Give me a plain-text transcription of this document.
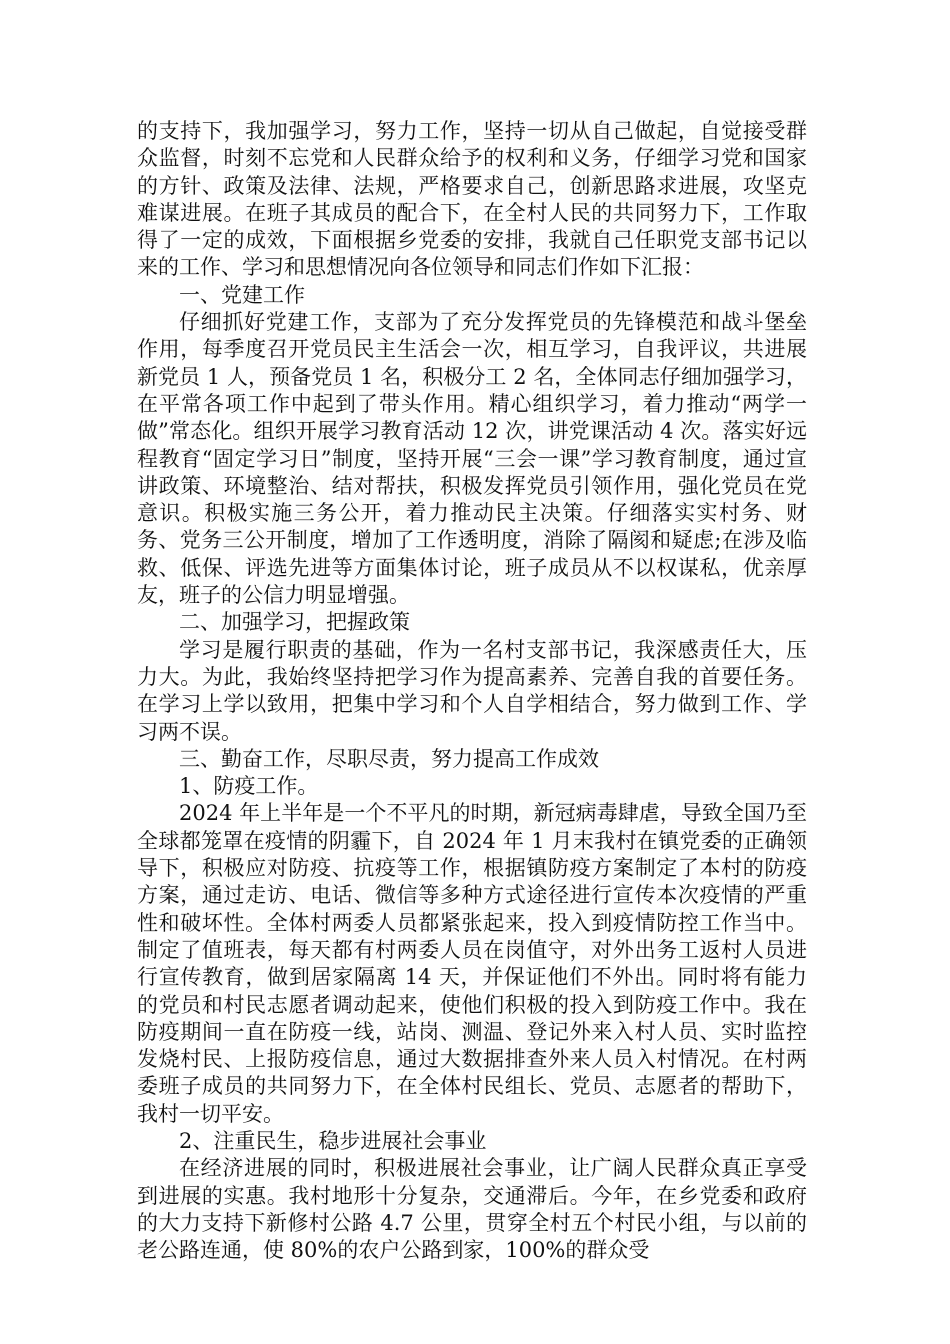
的支持下，我加强学习，努力工作，坚持一切从自己做起，自觉接受群众监督，时刻不忘党和人民群众给予的权利和义务，仔细学习党和国家的方针、政策及法律、法规，严格要求自己，创新思路求进展，攻坚克难谋进展。在班子其成员的配合下，在全村人民的共同努力下，工作取得了一定的成效，下面根据乡党委的安排，我就自己任职党支部书记以来的工作、学习和思想情况向各位领导和同志们作如下汇报：

一、党建工作

仔细抓好党建工作，支部为了充分发挥党员的先锋模范和战斗堡垒作用，每季度召开党员民主生活会一次，相互学习，自我评议，共进展新党员 1 人，预备党员 1 名，积极分工 2 名，全体同志仔细加强学习，在平常各项工作中起到了带头作用。精心组织学习，着力推动“两学一做”常态化。组织开展学习教育活动 12 次，讲党课活动 4 次。落实好远程教育“固定学习日”制度，坚持开展“三会一课”学习教育制度，通过宣讲政策、环境整治、结对帮扶，积极发挥党员引领作用，强化党员在党意识。积极实施三务公开，着力推动民主决策。仔细落实实村务、财务、党务三公开制度，增加了工作透明度，消除了隔阂和疑虑;在涉及临救、低保、评选先进等方面集体讨论，班子成员从不以权谋私，优亲厚友，班子的公信力明显增强。

二、加强学习，把握政策

学习是履行职责的基础，作为一名村支部书记，我深感责任大，压力大。为此，我始终坚持把学习作为提高素养、完善自我的首要任务。在学习上学以致用，把集中学习和个人自学相结合，努力做到工作、学习两不误。

三、勤奋工作，尽职尽责，努力提高工作成效

1、防疫工作。

2024 年上半年是一个不平凡的时期，新冠病毒肆虐，导致全国乃至全球都笼罩在疫情的阴霾下，自 2024 年 1 月末我村在镇党委的正确领导下，积极应对防疫、抗疫等工作，根据镇防疫方案制定了本村的防疫方案，通过走访、电话、微信等多种方式途径进行宣传本次疫情的严重性和破坏性。全体村两委人员都紧张起来，投入到疫情防控工作当中。制定了值班表，每天都有村两委人员在岗值守，对外出务工返村人员进行宣传教育，做到居家隔离 14 天，并保证他们不外出。同时将有能力的党员和村民志愿者调动起来，使他们积极的投入到防疫工作中。我在防疫期间一直在防疫一线，站岗、测温、登记外来入村人员、实时监控发烧村民、上报防疫信息，通过大数据排查外来人员入村情况。在村两委班子成员的共同努力下，在全体村民组长、党员、志愿者的帮助下，我村一切平安。

2、注重民生，稳步进展社会事业

在经济进展的同时，积极进展社会事业，让广阔人民群众真正享受到进展的实惠。我村地形十分复杂，交通滞后。今年，在乡党委和政府的大力支持下新修村公路 4.7 公里，贯穿全村五个村民小组，与以前的老公路连通，使 80%的农户公路到家，100%的群众受
